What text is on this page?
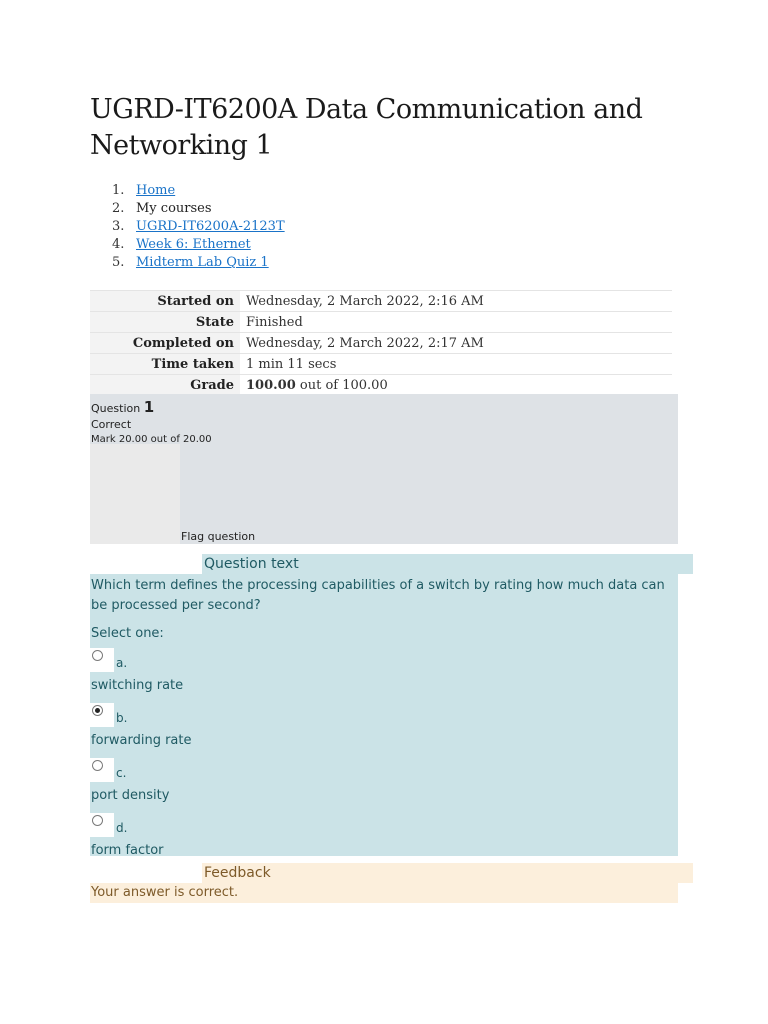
UGRD-IT6200A Data Communication and Networking 1
1. Home
2. My courses
3. UGRD-IT6200A-2123T
4. Week 6: Ethernet
5. Midterm Lab Quiz 1
Started on	Wednesday, 2 March 2022, 2:16 AM
State	Finished
Completed on	Wednesday, 2 March 2022, 2:17 AM
Time taken	1 min 11 secs
Grade	100.00 out of 100.00
Question 1
Correct
Mark 20.00 out of 20.00
Flag question
Question text
Which term defines the processing capabilities of a switch by rating how much data can be processed per second?
Select one:
a.
switching rate
b.
forwarding rate
c.
port density
d.
form factor
Feedback
Your answer is correct.
